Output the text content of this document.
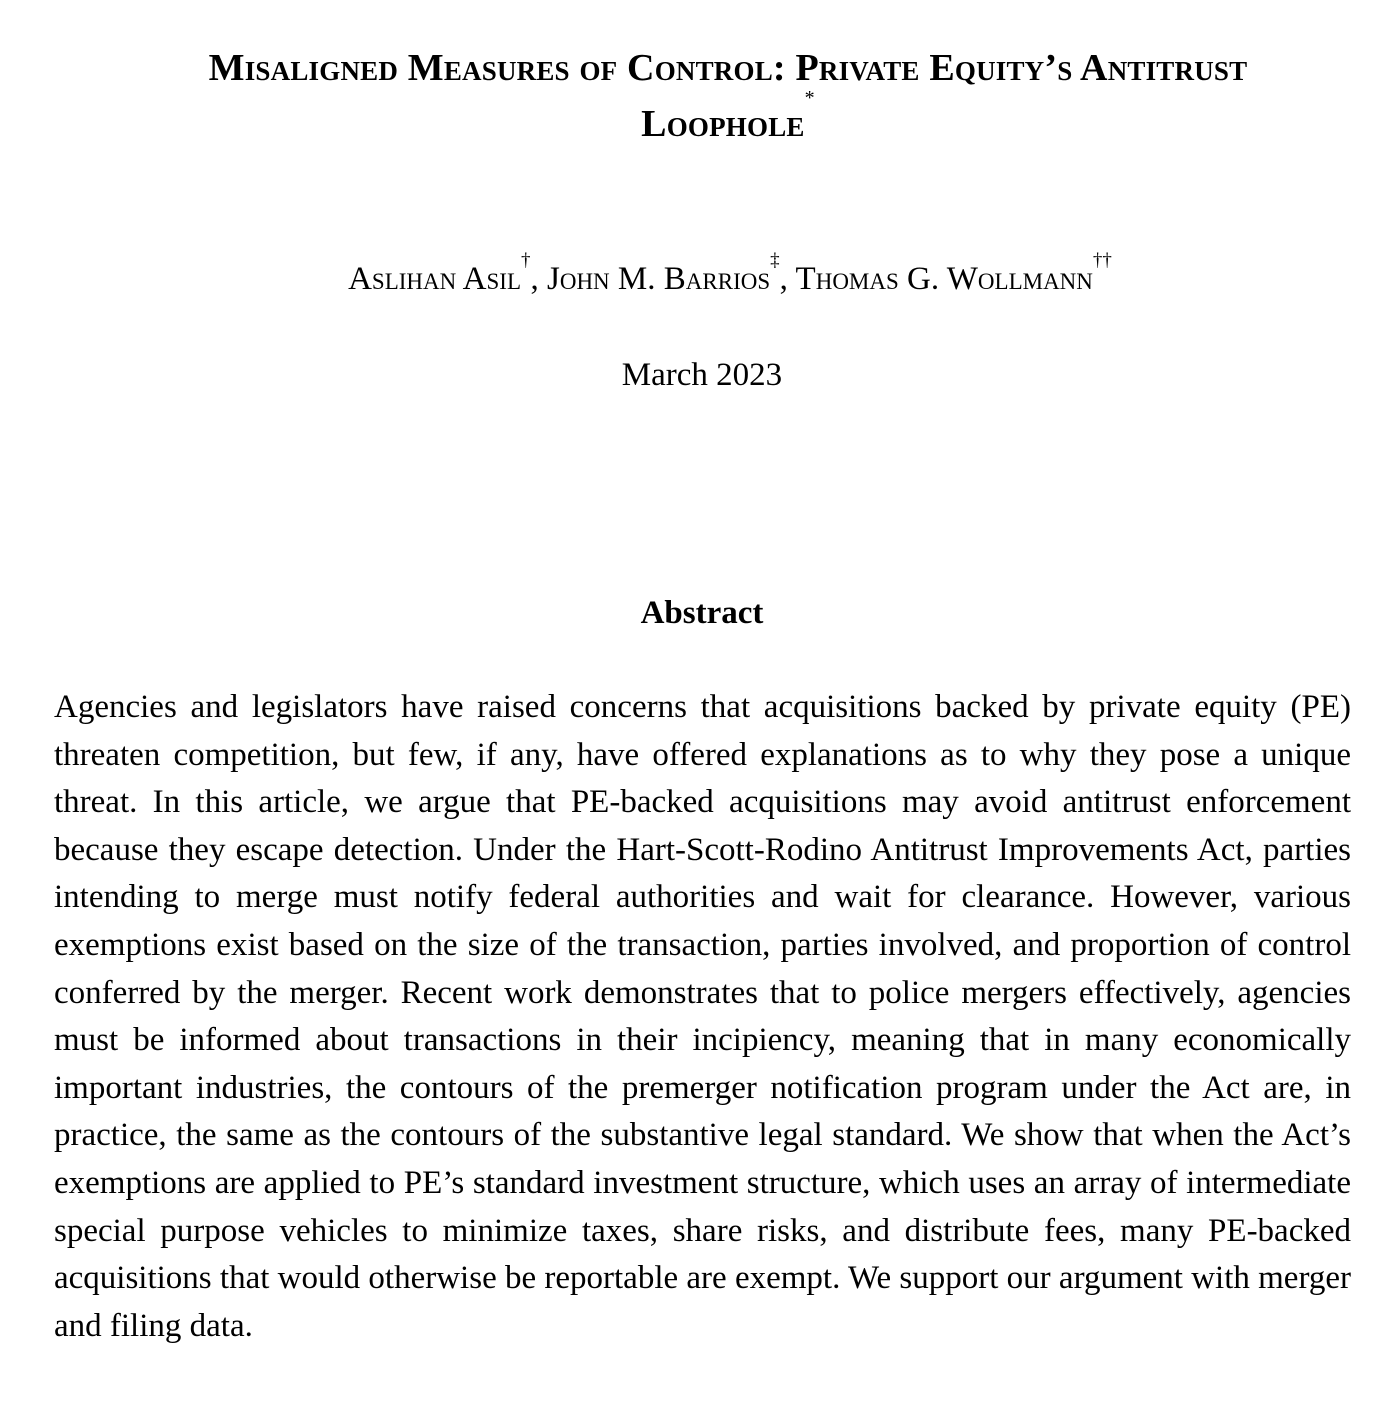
Misaligned Measures of Control: Private Equity’s Antitrust
Loophole*
Aslihan Asil†, John M. Barrios‡, Thomas G. Wollmann††
March 2023
Abstract

Agencies and legislators have raised concerns that acquisitions backed by private equity (PE) threaten competition, but few, if any, have offered explanations as to why they pose a unique threat. In this article, we argue that PE-backed acquisitions may avoid antitrust enforcement because they escape detection. Under the Hart-Scott-Rodino Antitrust Improvements Act, parties intending to merge must notify federal authorities and wait for clearance. However, various exemptions exist based on the size of the transaction, parties involved, and proportion of control conferred by the merger. Recent work demonstrates that to police mergers effectively, agencies must be informed about transactions in their incipiency, meaning that in many economically important industries, the contours of the premerger notification program under the Act are, in practice, the same as the contours of the substantive legal standard. We show that when the Act’s exemptions are applied to PE’s standard investment structure, which uses an array of intermediate special purpose vehicles to minimize taxes, share risks, and distribute fees, many PE-backed acquisitions that would otherwise be reportable are exempt. We support our argument with merger and filing data.
